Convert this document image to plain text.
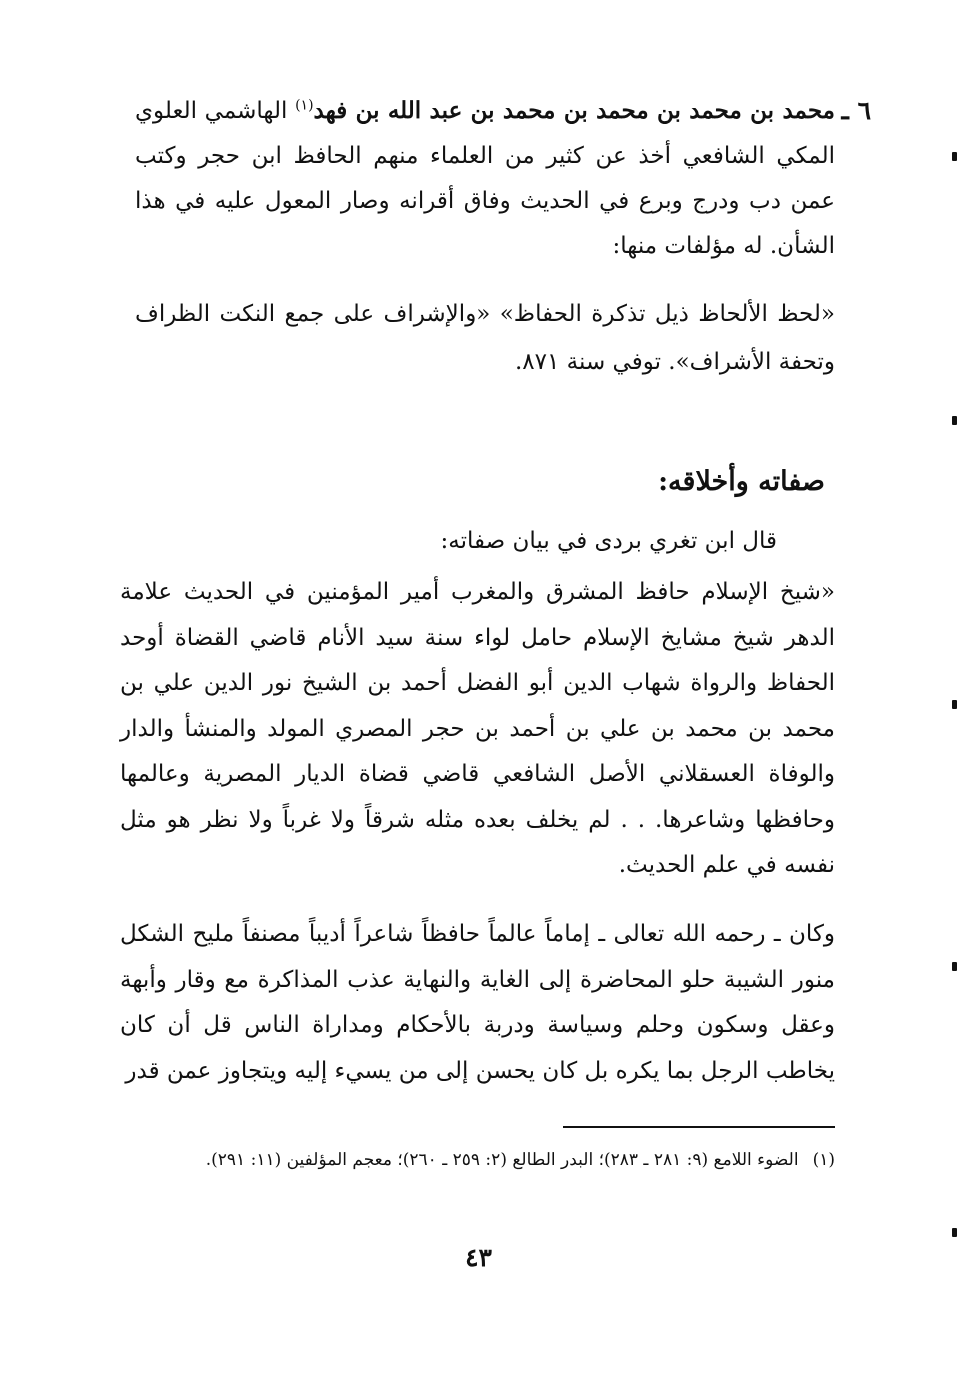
٦ ـ
محمد بن محمد بن محمد بن محمد بن عبد الله بن فهد$^{(١)}$ الهاشمي العلوي المكي الشافعي أخذ عن كثير من العلماء منهم الحافظ ابن حجر وكتب عمن دب ودرج وبرع في الحديث وفاق أقرانه وصار المعول عليه في هذا الشأن. له مؤلفات منها:
«لحظ الألحاظ ذيل تذكرة الحفاظ» «والإشراف على جمع النكت الظراف وتحفة الأشراف». توفي سنة ٨٧١.
صفاته وأخلاقه:
قال ابن تغري بردى في بيان صفاته:
«شيخ الإسلام حافظ المشرق والمغرب أمير المؤمنين في الحديث علامة الدهر شيخ مشايخ الإسلام حامل لواء سنة سيد الأنام قاضي القضاة أوحد الحفاظ والرواة شهاب الدين أبو الفضل أحمد بن الشيخ نور الدين علي بن محمد بن محمد بن علي بن أحمد بن حجر المصري المولد والمنشأ والدار والوفاة العسقلاني الأصل الشافعي قاضي قضاة الديار المصرية وعالمها وحافظها وشاعرها. . . لم يخلف بعده مثله شرقاً ولا غرباً ولا نظر هو مثل نفسه في علم الحديث.
وكان ـ رحمه الله تعالى ـ إماماً عالماً حافظاً شاعراً أديباً مصنفاً مليح الشكل منور الشيبة حلو المحاضرة إلى الغاية والنهاية عذب المذاكرة مع وقار وأبهة وعقل وسكون وحلم وسياسة ودربة بالأحكام ومداراة الناس قل أن كان يخاطب الرجل بما يكره بل كان يحسن إلى من يسيء إليه ويتجاوز عمن قدر
(١)الضوء اللامع (٩: ٢٨١ ـ ٢٨٣)؛ البدر الطالع (٢: ٢٥٩ ـ ٢٦٠)؛ معجم المؤلفين (١١: ٢٩١).
٤٣
